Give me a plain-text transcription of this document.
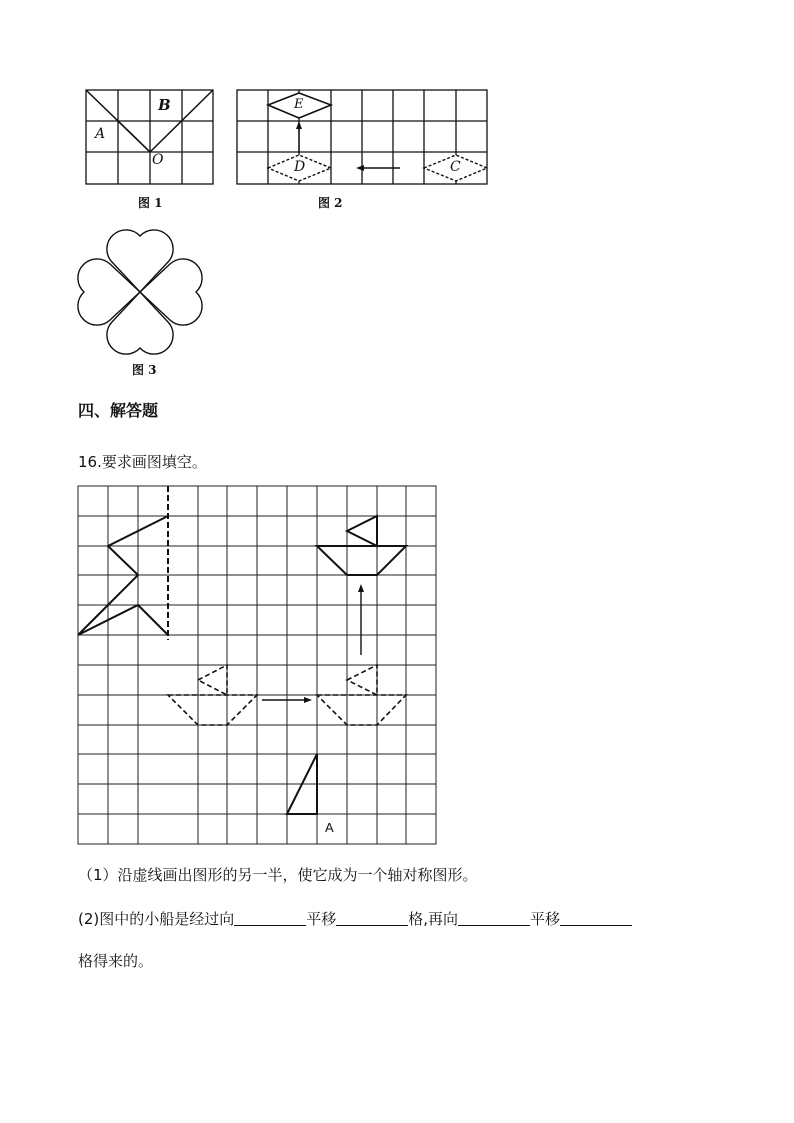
A
B
O
图 1
E
D	C
图 2
图 3
四、解答题
16.要求画图填空。
A
（1）沿虚线画出图形的另一半，使它成为一个轴对称图形。
(2)图中的小船是经过向	平移	格,再向	平移
格得来的。
